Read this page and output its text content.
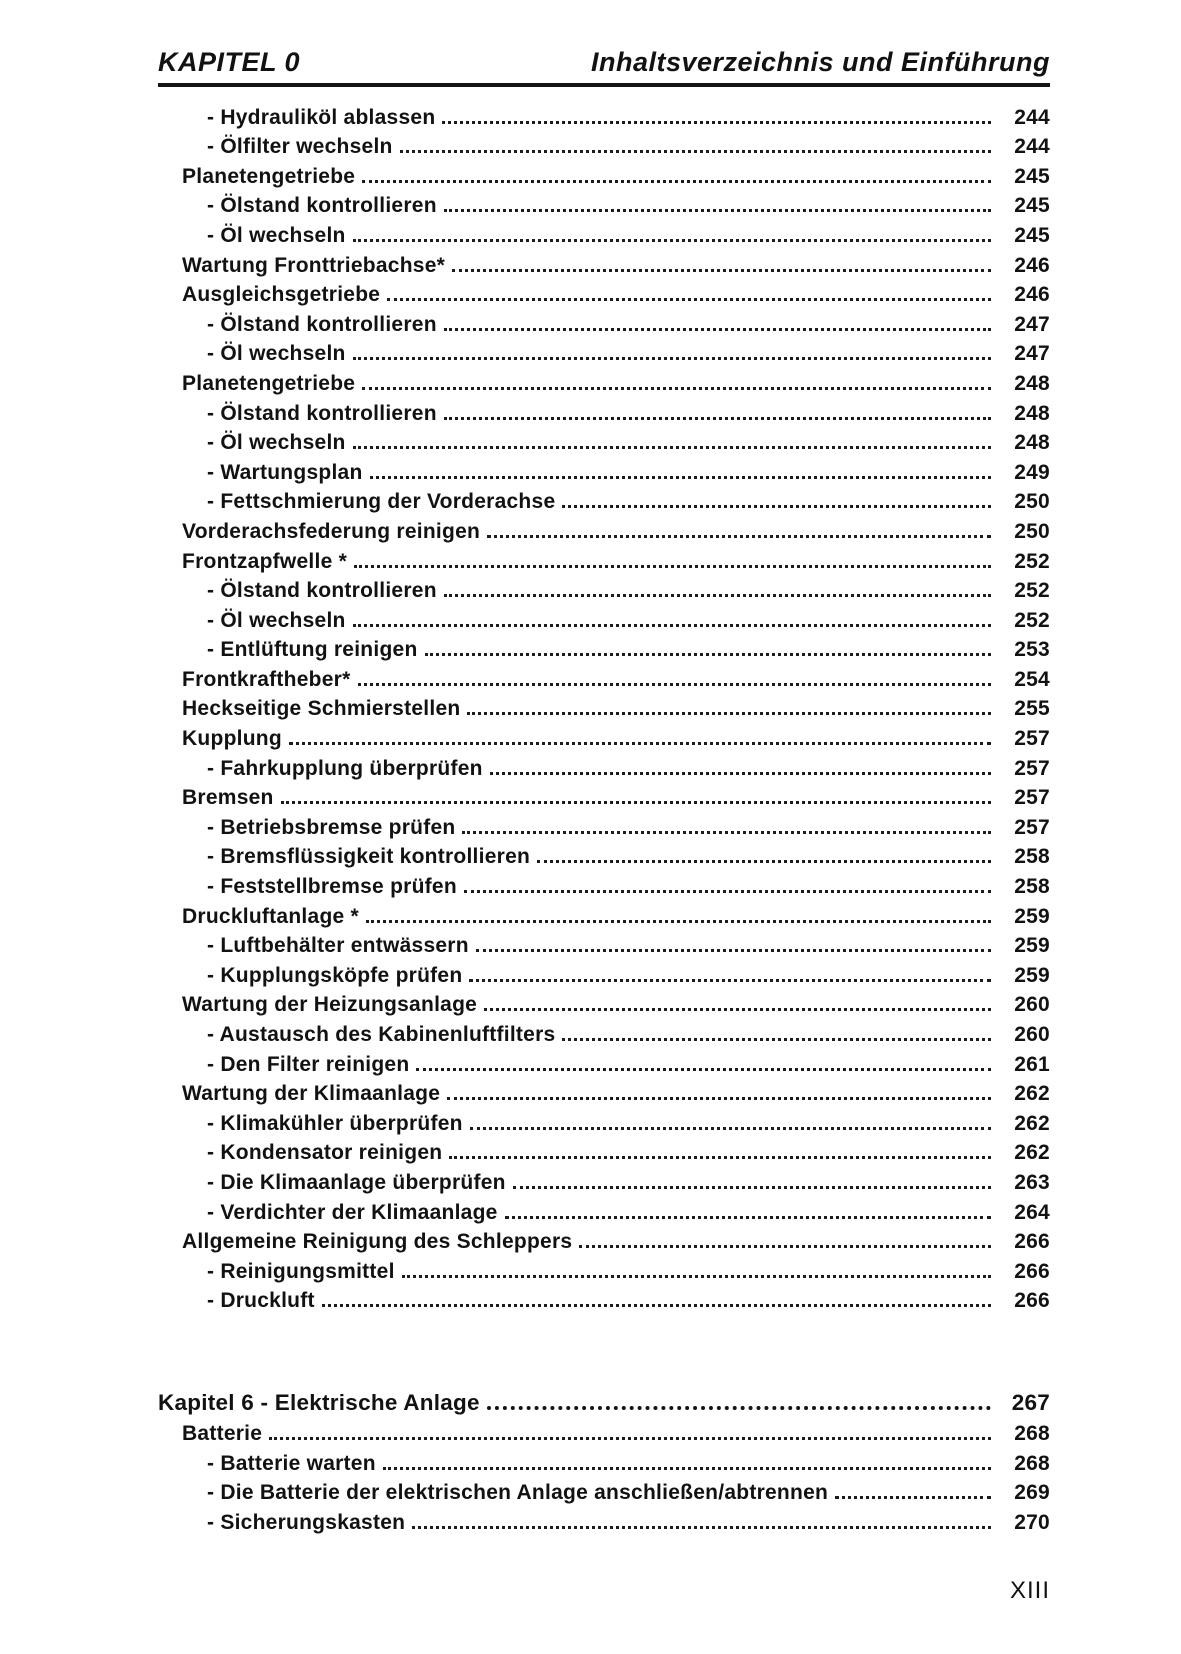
KAPITEL 0	Inhaltsverzeichnis und Einführung
- Hydrauliköl ablassen	244
- Ölfilter wechseln	244
Planetengetriebe	245
- Ölstand kontrollieren	245
- Öl wechseln	245
Wartung Fronttriebachse*	246
Ausgleichsgetriebe	246
- Ölstand kontrollieren	247
- Öl wechseln	247
Planetengetriebe	248
- Ölstand kontrollieren	248
- Öl wechseln	248
- Wartungsplan	249
- Fettschmierung der Vorderachse	250
Vorderachsfederung reinigen	250
Frontzapfwelle *	252
- Ölstand kontrollieren	252
- Öl wechseln	252
- Entlüftung reinigen	253
Frontkraftheber*	254
Heckseitige Schmierstellen	255
Kupplung	257
- Fahrkupplung überprüfen	257
Bremsen	257
- Betriebsbremse prüfen	257
- Bremsflüssigkeit kontrollieren	258
- Feststellbremse prüfen	258
Druckluftanlage *	259
- Luftbehälter entwässern	259
- Kupplungsköpfe prüfen	259
Wartung der Heizungsanlage	260
- Austausch des Kabinenluftfilters	260
- Den Filter reinigen	261
Wartung der Klimaanlage	262
- Klimakühler überprüfen	262
- Kondensator reinigen	262
- Die Klimaanlage überprüfen	263
- Verdichter der Klimaanlage	264
Allgemeine Reinigung des Schleppers	266
- Reinigungsmittel	266
- Druckluft	266
Kapitel 6 - Elektrische Anlage	267
Batterie	268
- Batterie warten	268
- Die Batterie der elektrischen Anlage anschließen/abtrennen	269
- Sicherungskasten	270
XIII
